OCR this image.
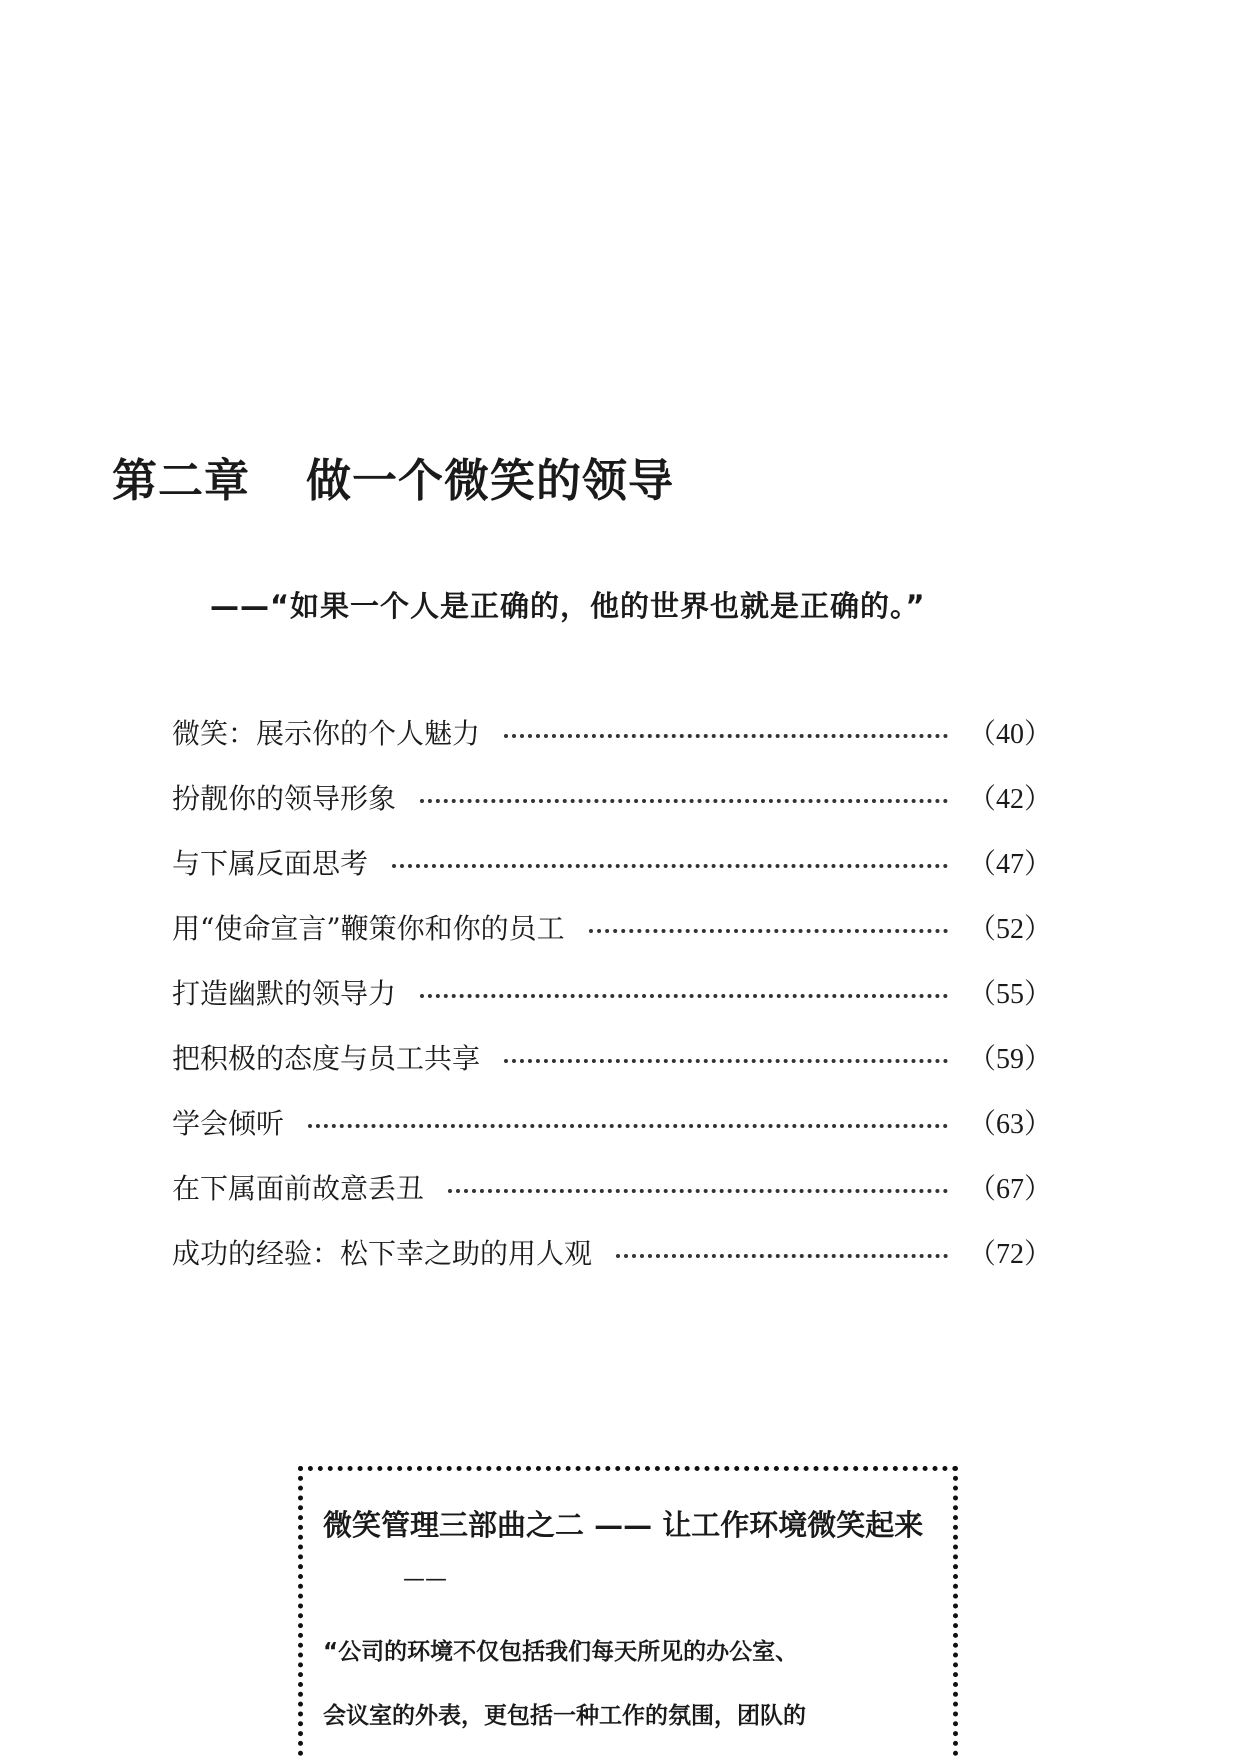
第二章 做一个微笑的领导
——“如果一个人是正确的，他的世界也就是正确的。”
微笑：展示你的个人魅力	（40）
扮靓你的领导形象	（42）
与下属反面思考	（47）
用“使命宣言”鞭策你和你的员工	（52）
打造幽默的领导力	（55）
把积极的态度与员工共享	（59）
学会倾听	（63）
在下属面前故意丢丑	（67）
成功的经验：松下幸之助的用人观	（72）
微笑管理三部曲之二 —— 让工作环境微笑起来
——
“公司的环境不仅包括我们每天所见的办公室、
会议室的外表，更包括一种工作的氛围，团队的
